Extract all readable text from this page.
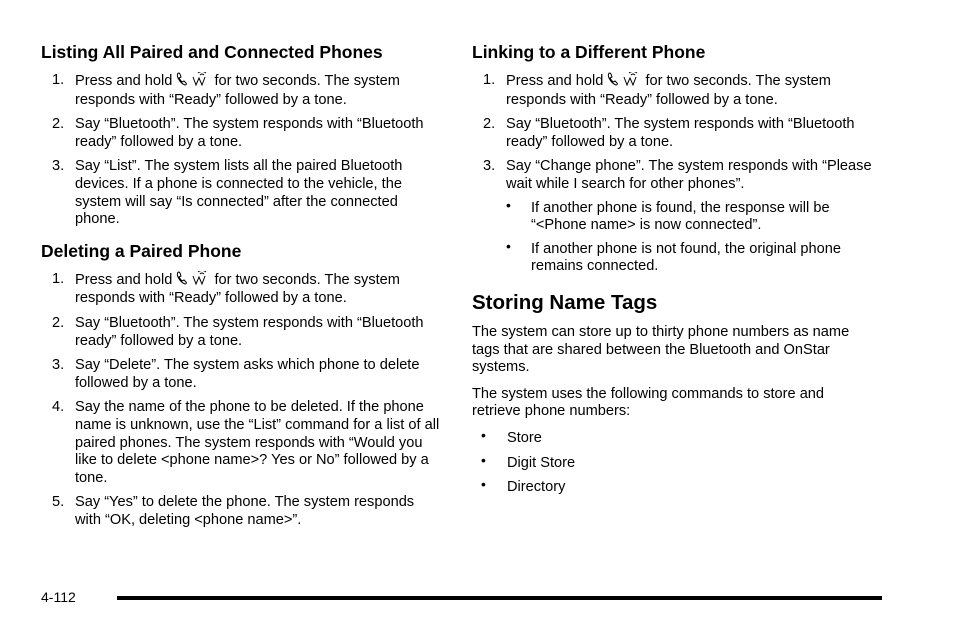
Listing All Paired and Connected Phones
1. Press and hold  for two seconds. The system responds with “Ready” followed by a tone.
2. Say “Bluetooth”. The system responds with “Bluetooth ready” followed by a tone.
3. Say “List”. The system lists all the paired Bluetooth devices. If a phone is connected to the vehicle, the system will say “Is connected” after the connected phone.
Deleting a Paired Phone
1. Press and hold  for two seconds. The system responds with “Ready” followed by a tone.
2. Say “Bluetooth”. The system responds with “Bluetooth ready” followed by a tone.
3. Say “Delete”. The system asks which phone to delete followed by a tone.
4. Say the name of the phone to be deleted. If the phone name is unknown, use the “List” command for a list of all paired phones. The system responds with “Would you like to delete <phone name>? Yes or No” followed by a tone.
5. Say “Yes” to delete the phone. The system responds with “OK, deleting <phone name>”.
Linking to a Different Phone
1. Press and hold  for two seconds. The system responds with “Ready” followed by a tone.
2. Say “Bluetooth”. The system responds with “Bluetooth ready” followed by a tone.
3. Say “Change phone”. The system responds with “Please wait while I search for other phones”.
• If another phone is found, the response will be “<Phone name> is now connected”.
• If another phone is not found, the original phone remains connected.
Storing Name Tags

The system can store up to thirty phone numbers as name tags that are shared between the Bluetooth and OnStar systems.

The system uses the following commands to store and retrieve phone numbers:

• Store
• Digit Store
• Directory
4-112
